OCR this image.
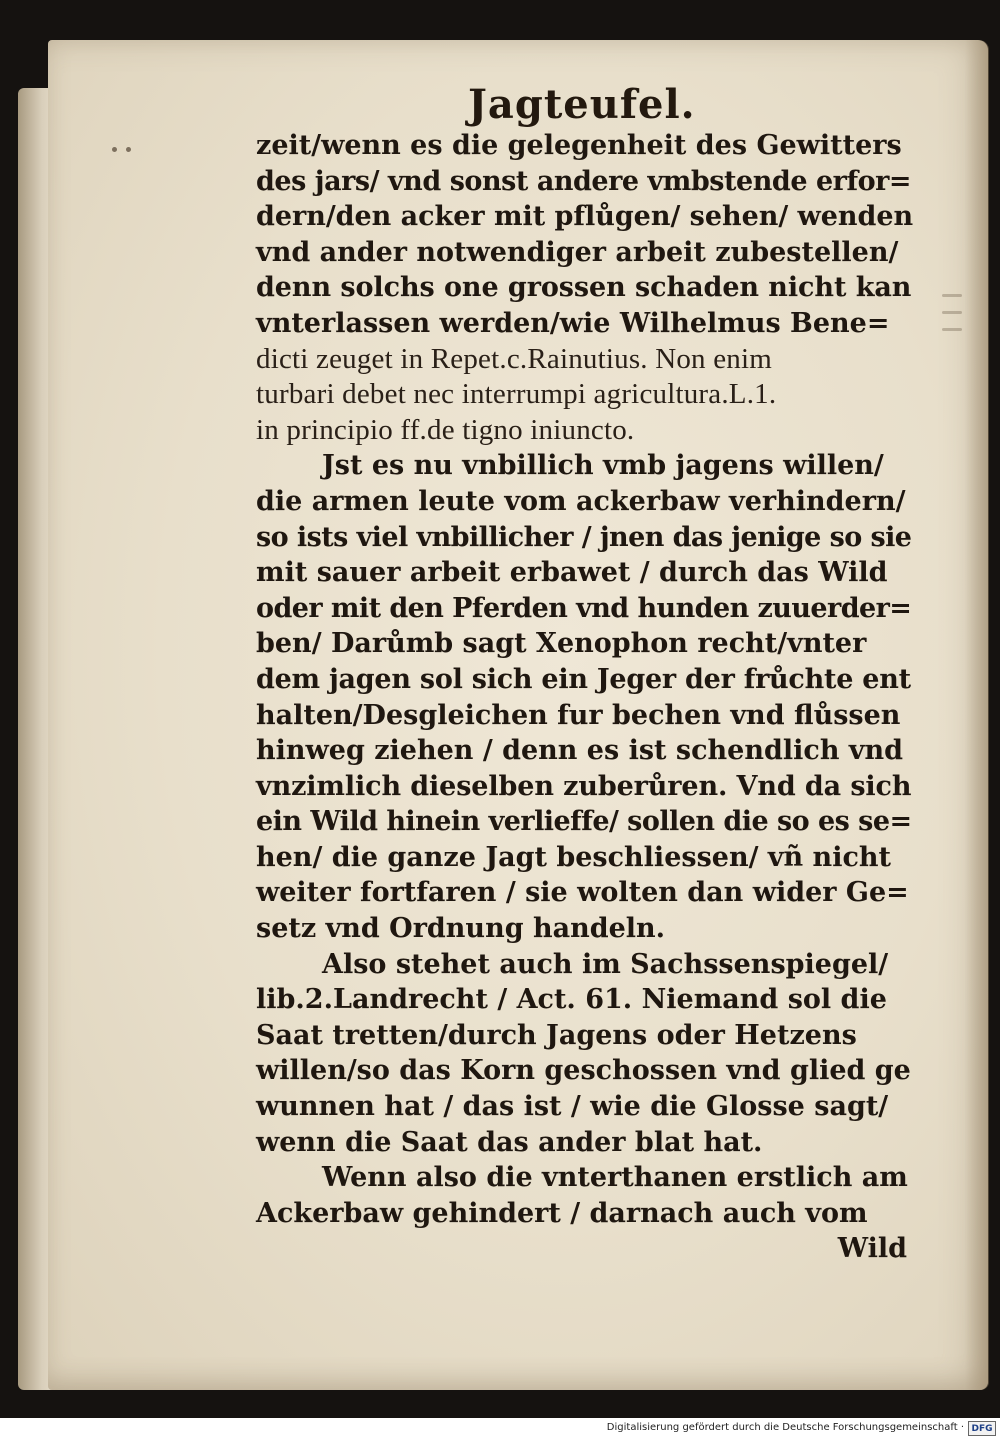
Jagteufel.
zeit/wenn es die gelegenheit des Gewitters
des jars/ vnd sonst andere vmbstende erfor=
dern/den acker mit pflůgen/ sehen/ wenden
vnd ander notwendiger arbeit zubestellen/
denn solchs one grossen schaden nicht kan
vnterlassen werden/wie Wilhelmus Bene=
dicti zeuget in Repet.c.Rainutius. Non enim
turbari debet nec interrumpi agricultura.L.1.
in principio ff.de tigno iniuncto.
Jst es nu vnbillich vmb jagens willen/
die armen leute vom ackerbaw verhindern/
so ists viel vnbillicher / jnen das jenige so sie
mit sauer arbeit erbawet / durch das Wild
oder mit den Pferden vnd hunden zuuerder=
ben/ Darůmb sagt Xenophon recht/vnter
dem jagen sol sich ein Jeger der frůchte ent
halten/Desgleichen fur bechen vnd flůssen
hinweg ziehen / denn es ist schendlich vnd
vnzimlich dieselben zuberůren. Vnd da sich
ein Wild hinein verlieffe/ sollen die so es se=
hen/ die ganze Jagt beschliessen/ vñ nicht
weiter fortfaren / sie wolten dan wider Ge=
setz vnd Ordnung handeln.
Also stehet auch im Sachssenspiegel/
lib.2.Landrecht / Act. 61. Niemand sol die
Saat tretten/durch Jagens oder Hetzens
willen/so das Korn geschossen vnd glied ge
wunnen hat / das ist / wie die Glosse sagt/
wenn die Saat das ander blat hat.
Wenn also die vnterthanen erstlich am
Ackerbaw gehindert / darnach auch vom
Wild
Digitalisierung gefördert durch die Deutsche Forschungsgemeinschaft · DFG
